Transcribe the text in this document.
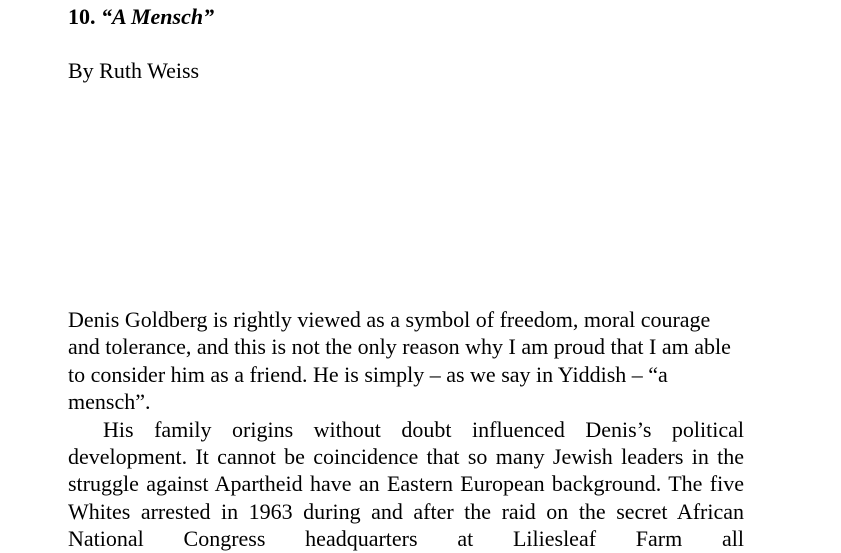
10. “A Mensch”

By Ruth Weiss

Denis Goldberg is rightly viewed as a symbol of freedom, moral courage and tolerance, and this is not the only reason why I am proud that I am able to consider him as a friend. He is simply – as we say in Yiddish – “a mensch”.

His family origins without doubt influenced Denis’s political development. It cannot be coincidence that so many Jewish leaders in the struggle against Apartheid have an Eastern European background. The five Whites arrested in 1963 during and after the raid on the secret African National Congress headquarters at Liliesleaf Farm all
